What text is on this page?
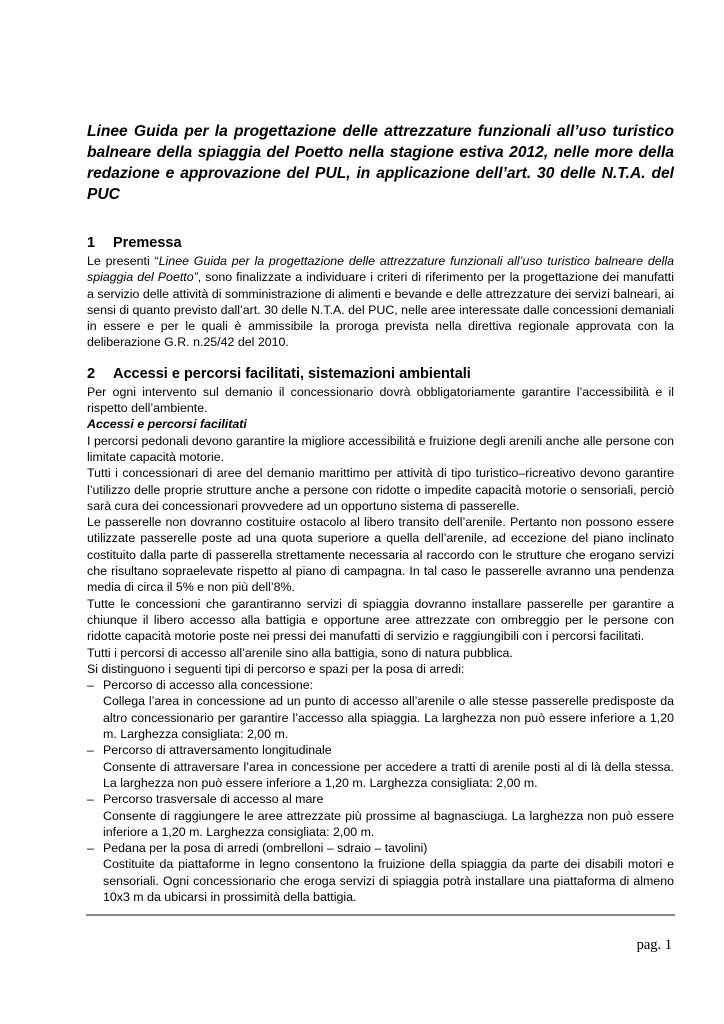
Linee Guida per la progettazione delle attrezzature funzionali all’uso turistico balneare della spiaggia del Poetto nella stagione estiva 2012, nelle more della redazione e approvazione del PUL, in applicazione dell’art. 30 delle N.T.A. del PUC

1 Premessa

Le presenti “Linee Guida per la progettazione delle attrezzature funzionali all’uso turistico balneare della spiaggia del Poetto”, sono finalizzate a individuare i criteri di riferimento per la progettazione dei manufatti a servizio delle attività di somministrazione di alimenti e bevande e delle attrezzature dei servizi balneari, ai sensi di quanto previsto dall’art. 30 delle N.T.A. del PUC, nelle aree interessate dalle concessioni demaniali in essere e per le quali è ammissibile la proroga prevista nella direttiva regionale approvata con la deliberazione G.R. n.25/42 del 2010.

2 Accessi e percorsi facilitati, sistemazioni ambientali

Per ogni intervento sul demanio il concessionario dovrà obbligatoriamente garantire l’accessibilità e il rispetto dell’ambiente.

Accessi e percorsi facilitati

I percorsi pedonali devono garantire la migliore accessibilità e fruizione degli arenili anche alle persone con limitate capacità motorie.

Tutti i concessionari di aree del demanio marittimo per attività di tipo turistico–ricreativo devono garantire l’utilizzo delle proprie strutture anche a persone con ridotte o impedite capacità motorie o sensoriali, perciò sarà cura dei concessionari provvedere ad un opportuno sistema di passerelle.

Le passerelle non dovranno costituire ostacolo al libero transito dell’arenile. Pertanto non possono essere utilizzate passerelle poste ad una quota superiore a quella dell’arenile, ad eccezione del piano inclinato costituito dalla parte di passerella strettamente necessaria al raccordo con le strutture che erogano servizi che risultano sopraelevate rispetto al piano di campagna. In tal caso le passerelle avranno una pendenza media di circa il 5% e non più dell’8%.

Tutte le concessioni che garantiranno servizi di spiaggia dovranno installare passerelle per garantire a chiunque il libero accesso alla battigia e opportune aree attrezzate con ombreggio per le persone con ridotte capacità motorie poste nei pressi dei manufatti di servizio e raggiungibili con i percorsi facilitati.

Tutti i percorsi di accesso all’arenile sino alla battigia, sono di natura pubblica.

Si distinguono i seguenti tipi di percorso e spazi per la posa di arredi:

– Percorso di accesso alla concessione:
Collega l’area in concessione ad un punto di accesso all’arenile o alle stesse passerelle predisposte da altro concessionario per garantire l’accesso alla spiaggia. La larghezza non può essere inferiore a 1,20 m. Larghezza consigliata: 2,00 m.
– Percorso di attraversamento longitudinale
Consente di attraversare l’area in concessione per accedere a tratti di arenile posti al di là della stessa. La larghezza non può essere inferiore a 1,20 m. Larghezza consigliata: 2,00 m.
– Percorso trasversale di accesso al mare
Consente di raggiungere le aree attrezzate più prossime al bagnasciuga. La larghezza non può essere inferiore a 1,20 m. Larghezza consigliata: 2,00 m.
– Pedana per la posa di arredi (ombrelloni – sdraio – tavolini)
Costituite da piattaforme in legno consentono la fruizione della spiaggia da parte dei disabili motori e sensoriali. Ogni concessionario che eroga servizi di spiaggia potrà installare una piattaforma di almeno 10x3 m da ubicarsi in prossimità della battigia.
pag. 1
